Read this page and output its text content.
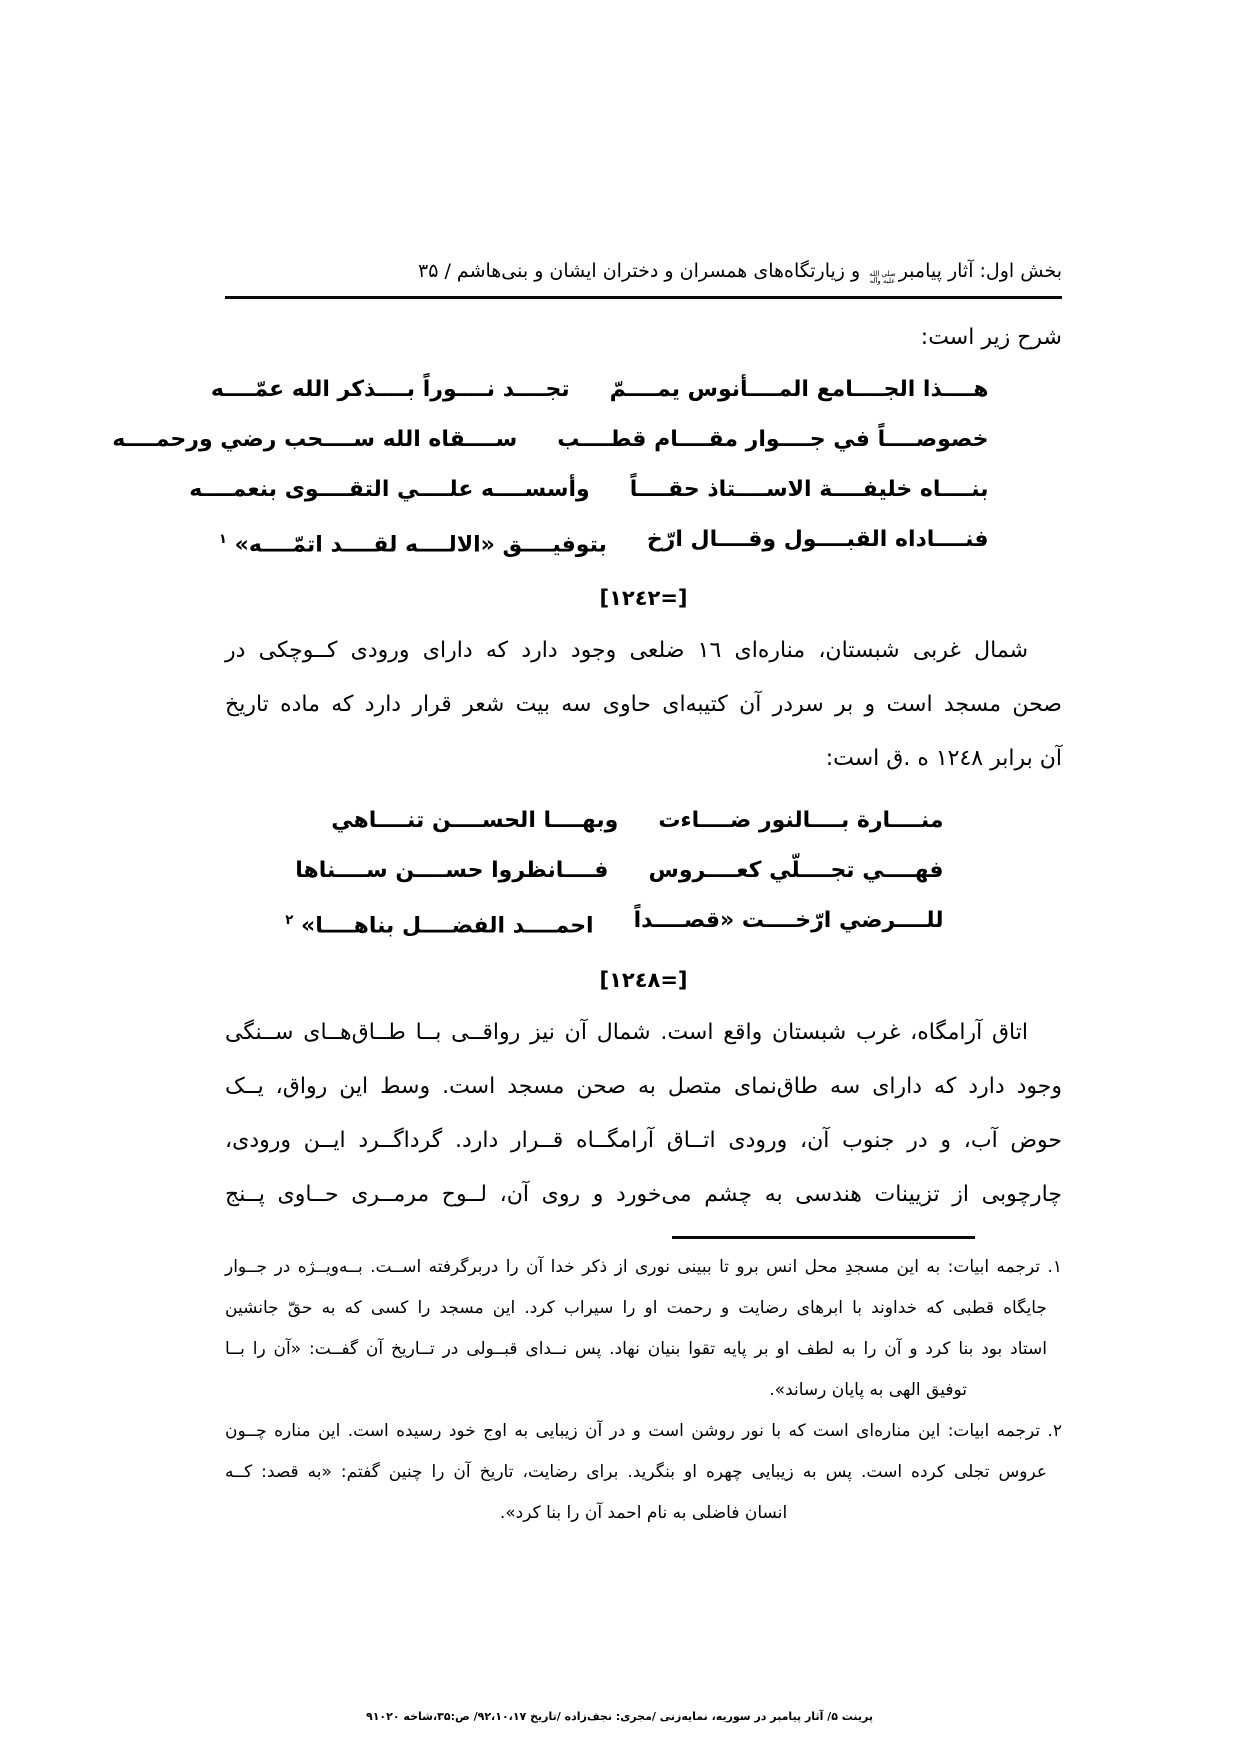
بخش اول: آثار پیامبر
صلى الله
عليه وآله
و زیارتگاه‌های همسران و دختران ایشان و بنی‌هاشم / ۳۵
شرح زیر است:
هــــذا الجــــامع المــــأنوس يمــــمّ
تجــــد نــــوراً بــــذكر الله عمّــــه
خصوصــــاً في جــــوار مقــــام قطــــب
ســــقاه الله ســــحب رضي ورحمــــه
بنــــاه خليفــــة الاســــتاذ حقــــاً
وأسســــه علــــي التقــــوى بنعمــــه
فنــــاداه القبــــول وقــــال ارّخ
بتوفيــــق «الالــــه لقــــد اتمّــــه» $^۱$
[١٢٤٢=]
شمال غربی شبستان، مناره‌ای ١٦ ضلعی وجود دارد که دارای ورودی کــوچکی در
صحن مسجد است و بر سردر آن کتیبه‌ای حاوی سه بیت شعر قرار دارد که ماده تاریخ
آن برابر ١٢٤٨ ه .ق است:
منــــارة بــــالنور ضــــاءت
وبهــــا الحســــن تنــــاهي
فهــــي تجــــلّي كعــــروس
فــــانظروا حســــن ســــناها
للــــرضي ارّخــــت «قصــــداً
احمــــد الفضــــل بناهــــا» $^۲$
[١٢٤٨=]
اتاق آرامگاه، غرب شبستان واقع است. شمال آن نیز رواقــی بــا طــاق‌هــای ســنگی
وجود دارد که دارای سه طاق‌نمای متصل به صحن مسجد است. وسط این رواق، یــک
حوض آب، و در جنوب آن، ورودی اتــاق آرامگــاه قــرار دارد. گرداگــرد ایــن ورودی،
چارچوبی از تزیینات هندسی به چشم می‌خورد و روی آن، لــوح مرمــری حــاوی پــنج
۱. ترجمه ابیات: به این مسجدِ محل انس برو تا ببینی نوری از ذکر خدا آن را دربرگرفته اســت. بــه‌ویــژه در جــوار
جایگاه قطبی که خداوند با ابرهای رضایت و رحمت او را سیراب کرد. این مسجد را کسی که به حقّ جانشین
استاد بود بنا کرد و آن را به لطف او بر پایه تقوا بنیان نهاد. پس نــدای قبــولی در تــاریخ آن گفــت: «آن را بــا
توفیق الهی به پایان رساند».
۲. ترجمه ابیات: این مناره‌ای است که با نور روشن است و در آن زیبایی به اوج خود رسیده است. این مناره چــون
عروس تجلی کرده است. پس به زیبایی چهره او بنگرید. برای رضایت، تاریخ آن را چنین گفتم: «به قصد: کــه
انسان فاضلی به نام احمد آن را بنا کرد».
پرینت ۵/ آثار پیامبر در سوریه، نمایه‌زنی /مجری: نجف‌زاده /تاریخ ۹۲،۱۰،۱۷/ ص:۳۵،شاخه ۹۱۰۲۰
